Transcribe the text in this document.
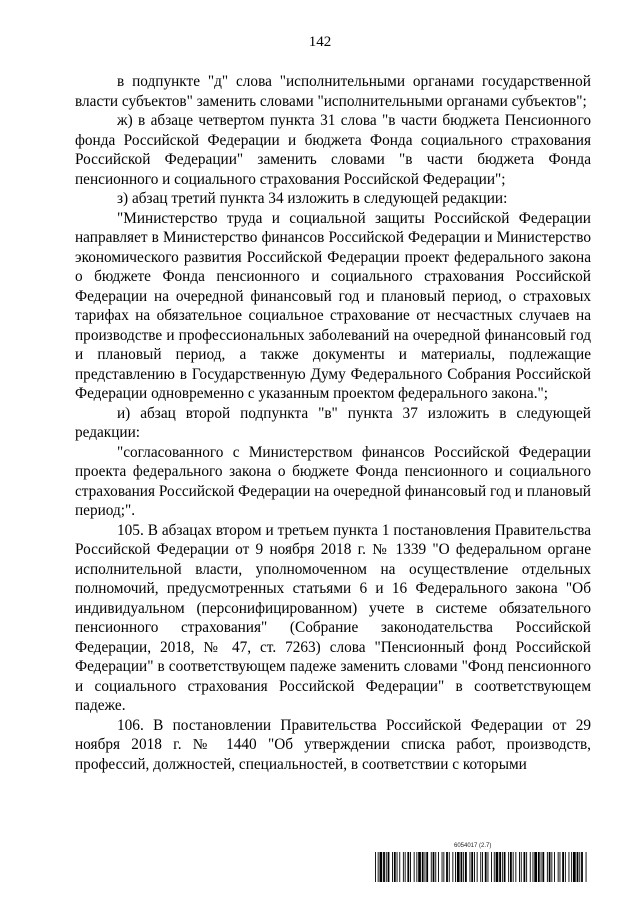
142

в подпункте "д" слова "исполнительными органами государственной власти субъектов" заменить словами "исполнительными органами субъектов";

ж) в абзаце четвертом пункта 31 слова "в части бюджета Пенсионного фонда Российской Федерации и бюджета Фонда социального страхования Российской Федерации" заменить словами "в части бюджета Фонда пенсионного и социального страхования Российской Федерации";

з) абзац третий пункта 34 изложить в следующей редакции:

"Министерство труда и социальной защиты Российской Федерации направляет в Министерство финансов Российской Федерации и Министерство экономического развития Российской Федерации проект федерального закона о бюджете Фонда пенсионного и социального страхования Российской Федерации на очередной финансовый год и плановый период, о страховых тарифах на обязательное социальное страхование от несчастных случаев на производстве и профессиональных заболеваний на очередной финансовый год и плановый период, а также документы и материалы, подлежащие представлению в Государственную Думу Федерального Собрания Российской Федерации одновременно с указанным проектом федерального закона.";

и) абзац второй подпункта "в" пункта 37 изложить в следующей редакции:

"согласованного с Министерством финансов Российской Федерации проекта федерального закона о бюджете Фонда пенсионного и социального страхования Российской Федерации на очередной финансовый год и плановый период;".

105. В абзацах втором и третьем пункта 1 постановления Правительства Российской Федерации от 9 ноября 2018 г. № 1339 "О федеральном органе исполнительной власти, уполномоченном на осуществление отдельных полномочий, предусмотренных статьями 6 и 16 Федерального закона "Об индивидуальном (персонифицированном) учете в системе обязательного пенсионного страхования" (Собрание законодательства Российской Федерации, 2018, № 47, ст. 7263) слова "Пенсионный фонд Российской Федерации" в соответствующем падеже заменить словами "Фонд пенсионного и социального страхования Российской Федерации" в соответствующем падеже.

106. В постановлении Правительства Российской Федерации от 29 ноября 2018 г. № 1440 "Об утверждении списка работ, производств, профессий, должностей, специальностей, в соответствии с которыми

6054017 (2.7)
